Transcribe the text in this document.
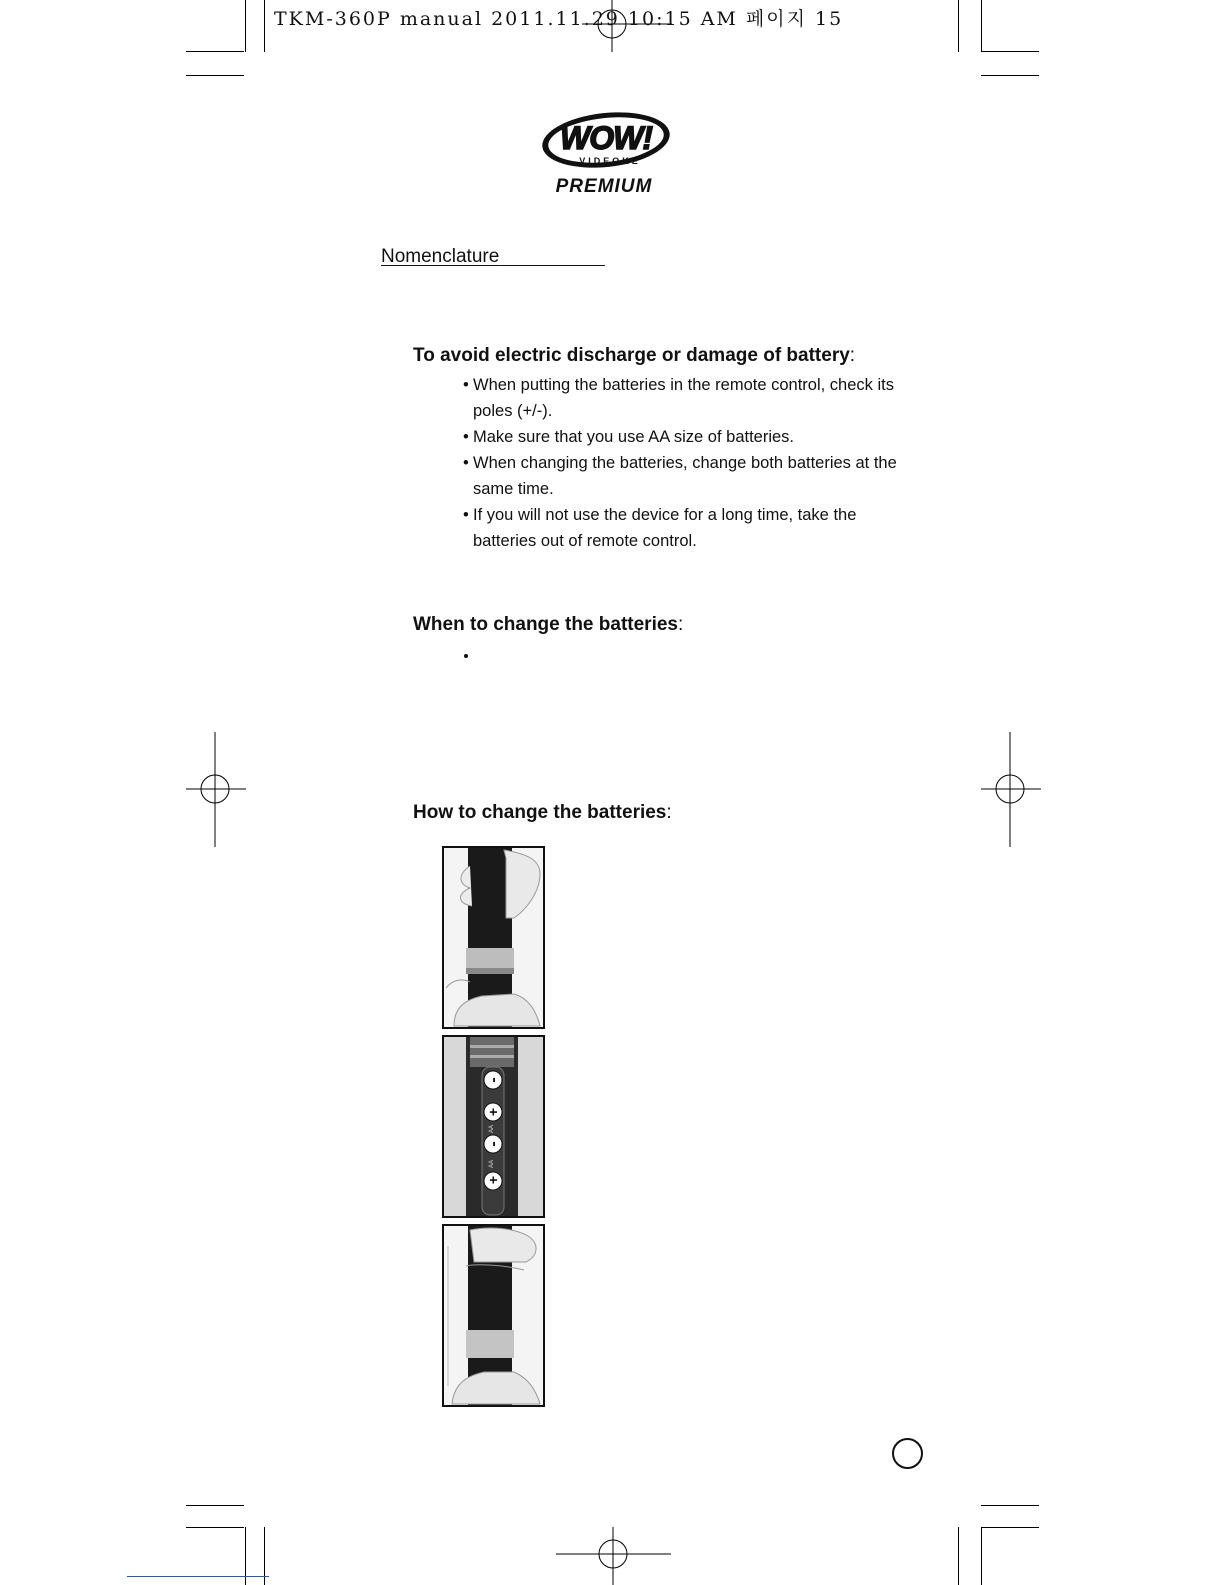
TKM-360P manual 2011.11.29 10:15 AM 페이지 15
WOW!
VIDEOKE
PREMIUM
Nomenclature
To avoid electric discharge or damage of battery:
• When putting the batteries in the remote control, check its poles (+/-).
• Make sure that you use AA size of batteries.
• When changing the batteries, change both batteries at the same time.
• If you will not use the device for a long time, take the batteries out of remote control.
When to change the batteries:
How to change the batteries:
+
-
+
-
AA
AA
